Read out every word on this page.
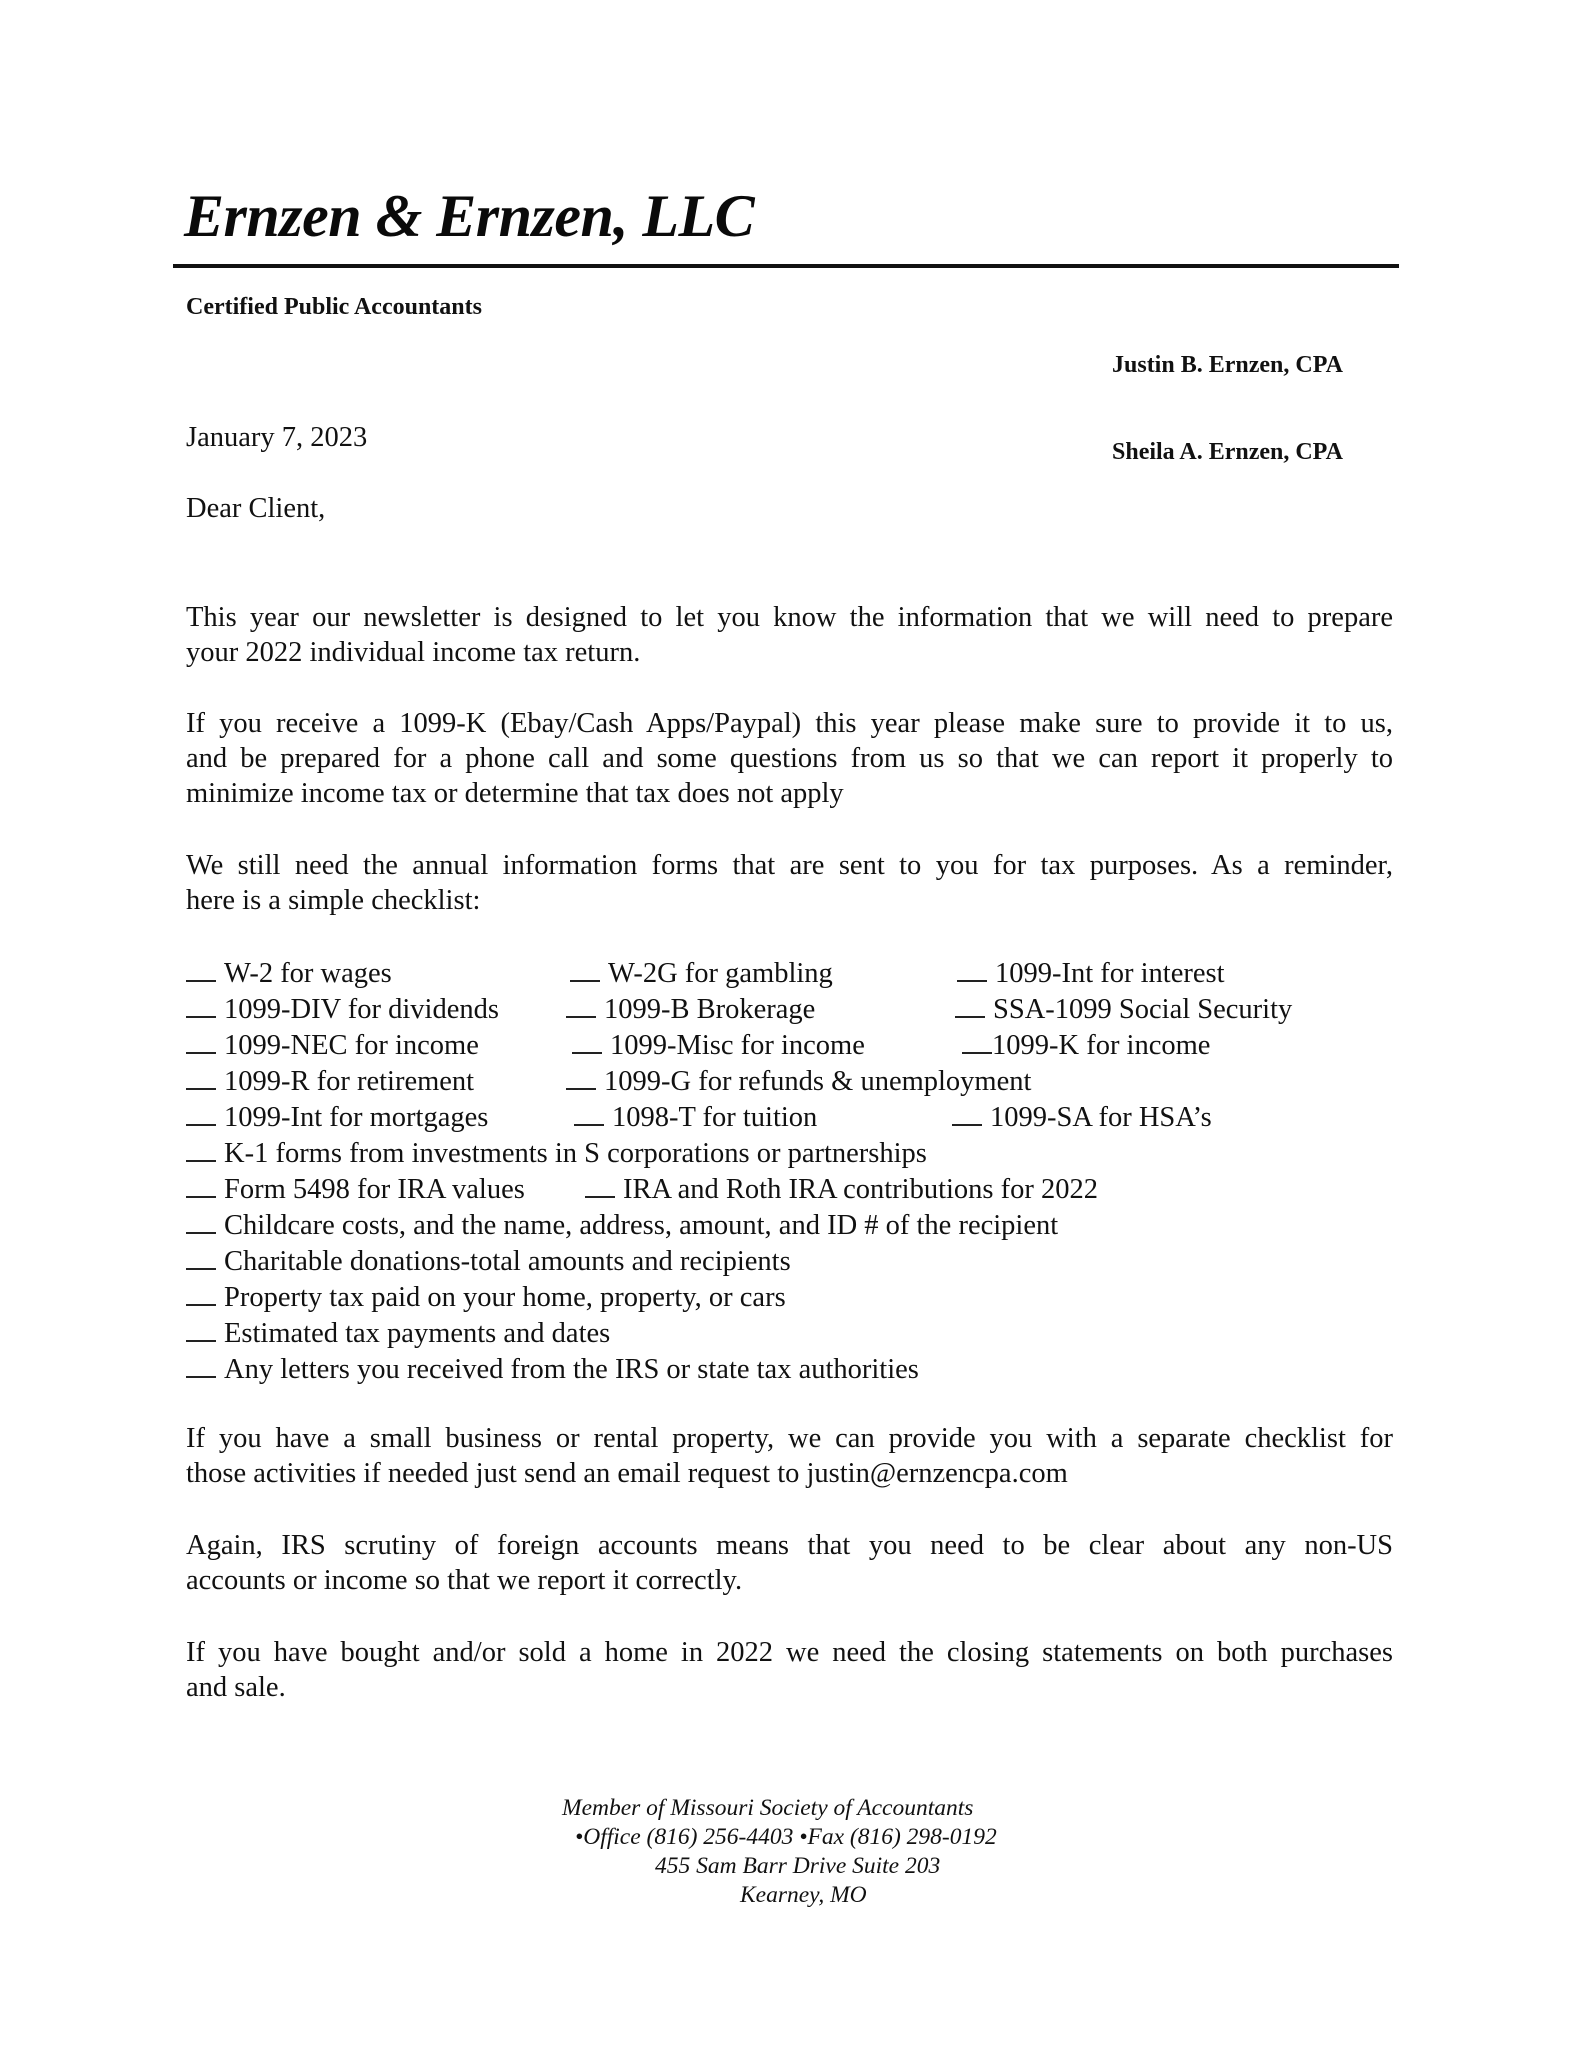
Ernzen & Ernzen, LLC
Certified Public Accountants

Justin B. Ernzen, CPA

Sheila A. Ernzen, CPA

January 7, 2023
Dear Client,
This year our newsletter is designed to let you know the information that we will need to prepare
your 2022 individual income tax return.
If you receive a 1099-K (Ebay/Cash Apps/Paypal) this year please make sure to provide it to us,
and be prepared for a phone call and some questions from us so that we can report it properly to
minimize income tax or determine that tax does not apply
We still need the annual information forms that are sent to you for tax purposes. As a reminder,
here is a simple checklist:
W-2 for wages	W-2G for gambling	1099-Int for interest
1099-DIV for dividends	1099-B Brokerage	SSA-1099 Social Security
1099-NEC for income	1099-Misc for income	1099-K for income
1099-R for retirement	1099-G for refunds & unemployment
1099-Int for mortgages	1098-T for tuition	1099-SA for HSA’s
K-1 forms from investments in S corporations or partnerships
Form 5498 for IRA values	IRA and Roth IRA contributions for 2022
Childcare costs, and the name, address, amount, and ID # of the recipient
Charitable donations-total amounts and recipients
Property tax paid on your home, property, or cars
Estimated tax payments and dates
Any letters you received from the IRS or state tax authorities
If you have a small business or rental property, we can provide you with a separate checklist for
those activities if needed just send an email request to justin@ernzencpa.com
Again, IRS scrutiny of foreign accounts means that you need to be clear about any non-US
accounts or income so that we report it correctly.
If you have bought and/or sold a home in 2022 we need the closing statements on both purchases
and sale.
Member of Missouri Society of Accountants
•Office (816) 256-4403 •Fax (816) 298-0192
455 Sam Barr Drive Suite 203
Kearney, MO
